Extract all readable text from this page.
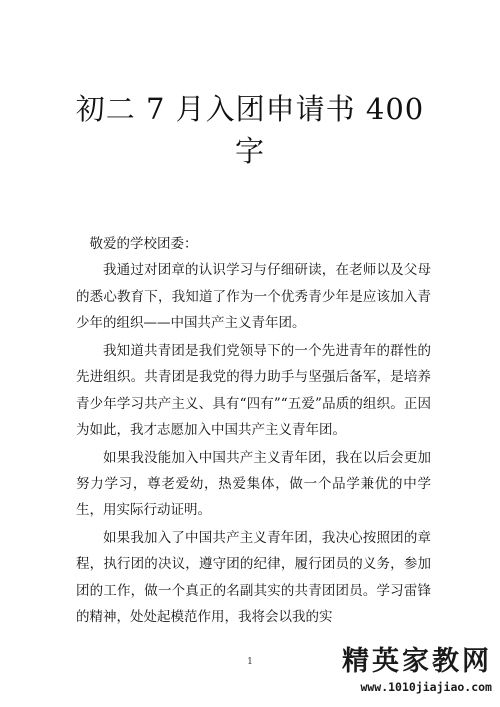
初二 7 月入团申请书 400 字

敬爱的学校团委：

我通过对团章的认识学习与仔细研读，在老师以及父母的悉心教育下，我知道了作为一个优秀青少年是应该加入青少年的组织——中国共产主义青年团。

我知道共青团是我们党领导下的一个先进青年的群性的先进组织。共青团是我党的得力助手与坚强后备军，是培养青少年学习共产主义、具有“四有”“五爱”品质的组织。正因为如此，我才志愿加入中国共产主义青年团。

如果我没能加入中国共产主义青年团，我在以后会更加努力学习，尊老爱幼，热爱集体，做一个品学兼优的中学生，用实际行动证明。

如果我加入了中国共产主义青年团，我决心按照团的章程，执行团的决议，遵守团的纪律，履行团员的义务，参加团的工作，做一个真正的名副其实的共青团团员。学习雷锋的精神，处处起模范作用，我将会以我的实

1	精英家教网
www.1010jiajiao.com
